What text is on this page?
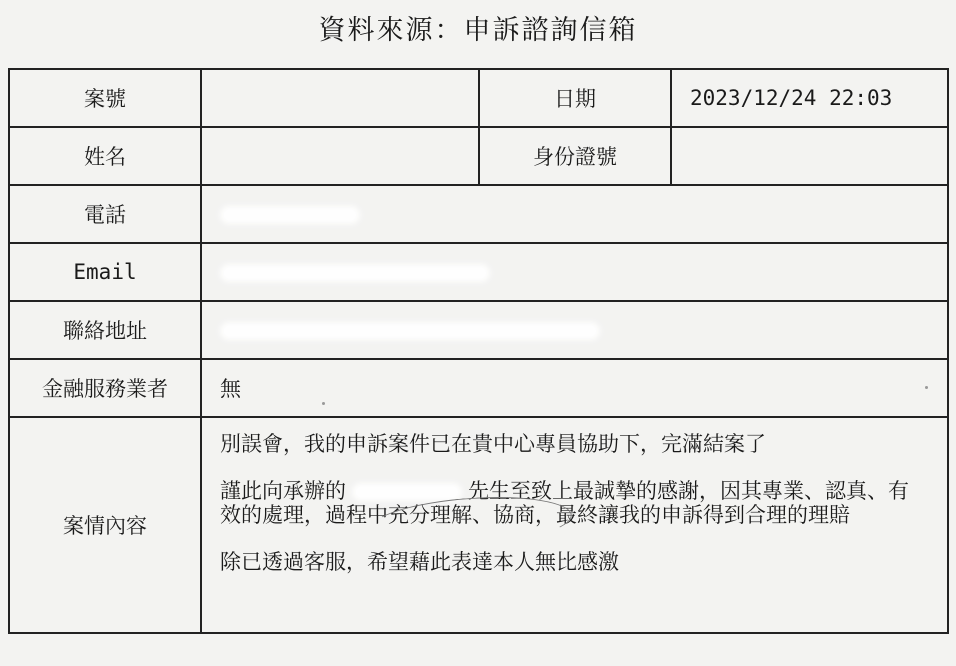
資料來源：申訴諮詢信箱
案號		日期	2023/12/24 22:03
姓名		身份證號	
電話			
Email			
聯絡地址			
金融服務業者	無		
案情內容	別誤會，我的申訴案件已在貴中心專員協助下，完滿結案了

謹此向承辦的 先生至致上最誠摯的感謝，因其專業、認真、有效的處理，過程中充分理解、協商，最終讓我的申訴得到合理的理賠

除已透過客服，希望藉此表達本人無比感激		
